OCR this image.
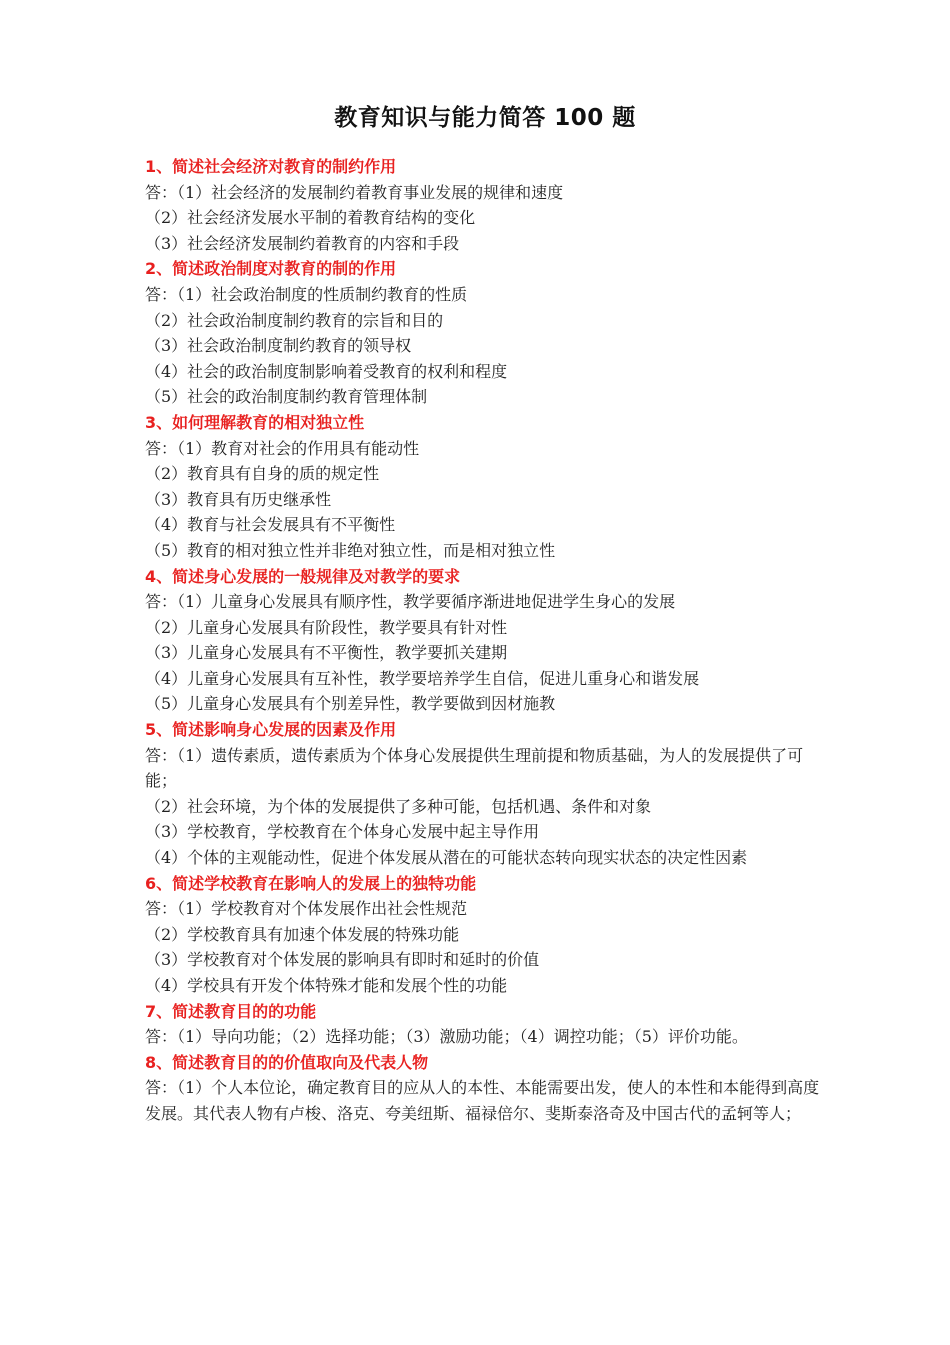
教育知识与能力简答 100 题
1、简述社会经济对教育的制约作用
答：（1）社会经济的发展制约着教育事业发展的规律和速度
（2）社会经济发展水平制的着教育结构的变化
（3）社会经济发展制约着教育的内容和手段
2、简述政治制度对教育的制的作用
答：（1）社会政治制度的性质制约教育的性质
（2）社会政治制度制约教育的宗旨和目的
（3）社会政治制度制约教育的领导权
（4）社会的政治制度制影响着受教育的权利和程度
（5）社会的政治制度制约教育管理体制
3、如何理解教育的相对独立性
答：（1）教育对社会的作用具有能动性
（2）教育具有自身的质的规定性
（3）教育具有历史继承性
（4）教育与社会发展具有不平衡性
（5）教育的相对独立性并非绝对独立性，而是相对独立性
4、简述身心发展的一般规律及对教学的要求
答：（1）儿童身心发展具有顺序性，教学要循序渐进地促进学生身心的发展
（2）儿童身心发展具有阶段性，教学要具有针对性
（3）儿童身心发展具有不平衡性，教学要抓关建期
（4）儿童身心发展具有互补性，教学要培养学生自信，促进儿重身心和谐发展
（5）儿童身心发展具有个别差异性，教学要做到因材施教
5、简述影响身心发展的因素及作用
答：（1）遗传素质，遗传素质为个体身心发展提供生理前提和物质基础，为人的发展提供了可能；
（2）社会环境，为个体的发展提供了多种可能，包括机遇、条件和对象
（3）学校教育，学校教育在个体身心发展中起主导作用
（4）个体的主观能动性，促进个体发展从潜在的可能状态转向现实状态的决定性因素
6、简述学校教育在影响人的发展上的独特功能
答：（1）学校教育对个体发展作出社会性规范
（2）学校教育具有加速个体发展的特殊功能
（3）学校教育对个体发展的影响具有即时和延时的价值
（4）学校具有开发个体特殊才能和发展个性的功能
7、简述教育目的的功能
答：（1）导向功能；（2）选择功能；（3）激励功能；（4）调控功能；（5）评价功能。
8、简述教育目的的价值取向及代表人物
答：（1）个人本位论，确定教育目的应从人的本性、本能需要出发，使人的本性和本能得到高度发展。其代表人物有卢梭、洛克、夸美纽斯、福禄倍尔、斐斯泰洛奇及中国古代的孟轲等人；
